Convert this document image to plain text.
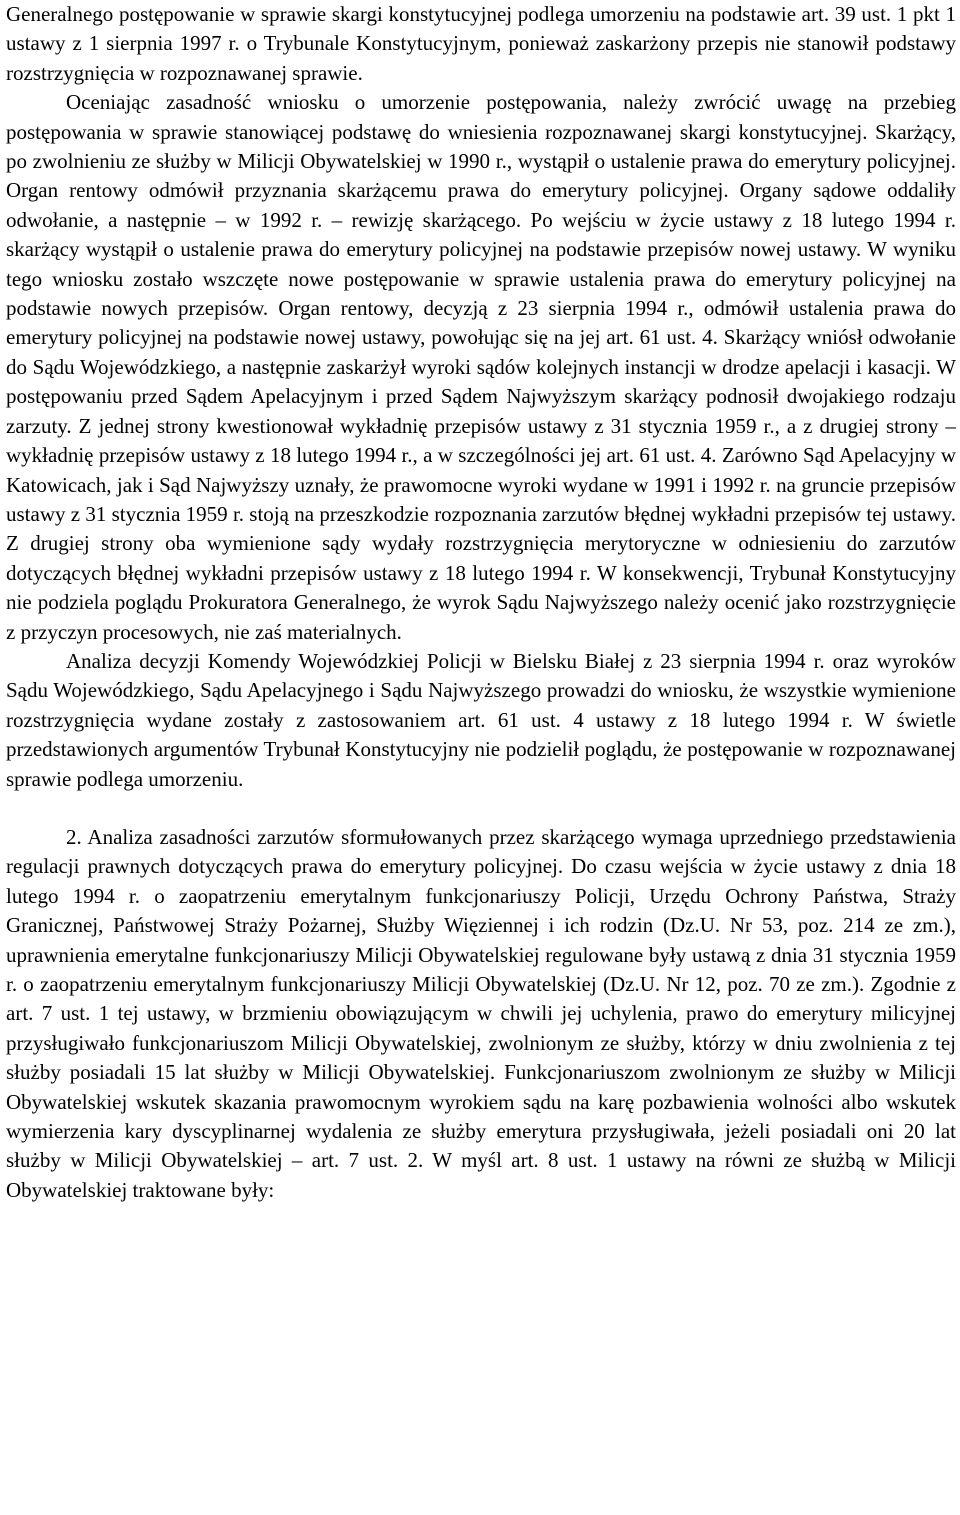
Generalnego postępowanie w sprawie skargi konstytucyjnej podlega umorzeniu na podstawie art. 39 ust. 1 pkt 1 ustawy z 1 sierpnia 1997 r. o Trybunale Konstytucyjnym, ponieważ zaskarżony przepis nie stanowił podstawy rozstrzygnięcia w rozpoznawanej sprawie.

Oceniając zasadność wniosku o umorzenie postępowania, należy zwrócić uwagę na przebieg postępowania w sprawie stanowiącej podstawę do wniesienia rozpoznawanej skargi konstytucyjnej. Skarżący, po zwolnieniu ze służby w Milicji Obywatelskiej w 1990 r., wystąpił o ustalenie prawa do emerytury policyjnej. Organ rentowy odmówił przyznania skarżącemu prawa do emerytury policyjnej. Organy sądowe oddaliły odwołanie, a następnie – w 1992 r. – rewizję skarżącego. Po wejściu w życie ustawy z 18 lutego 1994 r. skarżący wystąpił o ustalenie prawa do emerytury policyjnej na podstawie przepisów nowej ustawy. W wyniku tego wniosku zostało wszczęte nowe postępowanie w sprawie ustalenia prawa do emerytury policyjnej na podstawie nowych przepisów. Organ rentowy, decyzją z 23 sierpnia 1994 r., odmówił ustalenia prawa do emerytury policyjnej na podstawie nowej ustawy, powołując się na jej art. 61 ust. 4. Skarżący wniósł odwołanie do Sądu Wojewódzkiego, a następnie zaskarżył wyroki sądów kolejnych instancji w drodze apelacji i kasacji. W postępowaniu przed Sądem Apelacyjnym i przed Sądem Najwyższym skarżący podnosił dwojakiego rodzaju zarzuty. Z jednej strony kwestionował wykładnię przepisów ustawy z 31 stycznia 1959 r., a z drugiej strony – wykładnię przepisów ustawy z 18 lutego 1994 r., a w szczególności jej art. 61 ust. 4. Zarówno Sąd Apelacyjny w Katowicach, jak i Sąd Najwyższy uznały, że prawomocne wyroki wydane w 1991 i 1992 r. na gruncie przepisów ustawy z 31 stycznia 1959 r. stoją na przeszkodzie rozpoznania zarzutów błędnej wykładni przepisów tej ustawy. Z drugiej strony oba wymienione sądy wydały rozstrzygnięcia merytoryczne w odniesieniu do zarzutów dotyczących błędnej wykładni przepisów ustawy z 18 lutego 1994 r. W konsekwencji, Trybunał Konstytucyjny nie podziela poglądu Prokuratora Generalnego, że wyrok Sądu Najwyższego należy ocenić jako rozstrzygnięcie z przyczyn procesowych, nie zaś materialnych.

Analiza decyzji Komendy Wojewódzkiej Policji w Bielsku Białej z 23 sierpnia 1994 r. oraz wyroków Sądu Wojewódzkiego, Sądu Apelacyjnego i Sądu Najwyższego prowadzi do wniosku, że wszystkie wymienione rozstrzygnięcia wydane zostały z zastosowaniem art. 61 ust. 4 ustawy z 18 lutego 1994 r. W świetle przedstawionych argumentów Trybunał Konstytucyjny nie podzielił poglądu, że postępowanie w rozpoznawanej sprawie podlega umorzeniu.

2. Analiza zasadności zarzutów sformułowanych przez skarżącego wymaga uprzedniego przedstawienia regulacji prawnych dotyczących prawa do emerytury policyjnej. Do czasu wejścia w życie ustawy z dnia 18 lutego 1994 r. o zaopatrzeniu emerytalnym funkcjonariuszy Policji, Urzędu Ochrony Państwa, Straży Granicznej, Państwowej Straży Pożarnej, Służby Więziennej i ich rodzin (Dz.U. Nr 53, poz. 214 ze zm.), uprawnienia emerytalne funkcjonariuszy Milicji Obywatelskiej regulowane były ustawą z dnia 31 stycznia 1959 r. o zaopatrzeniu emerytalnym funkcjonariuszy Milicji Obywatelskiej (Dz.U. Nr 12, poz. 70 ze zm.). Zgodnie z art. 7 ust. 1 tej ustawy, w brzmieniu obowiązującym w chwili jej uchylenia, prawo do emerytury milicyjnej przysługiwało funkcjonariuszom Milicji Obywatelskiej, zwolnionym ze służby, którzy w dniu zwolnienia z tej służby posiadali 15 lat służby w Milicji Obywatelskiej. Funkcjonariuszom zwolnionym ze służby w Milicji Obywatelskiej wskutek skazania prawomocnym wyrokiem sądu na karę pozbawienia wolności albo wskutek wymierzenia kary dyscyplinarnej wydalenia ze służby emerytura przysługiwała, jeżeli posiadali oni 20 lat służby w Milicji Obywatelskiej – art. 7 ust. 2. W myśl art. 8 ust. 1 ustawy na równi ze służbą w Milicji Obywatelskiej traktowane były:
